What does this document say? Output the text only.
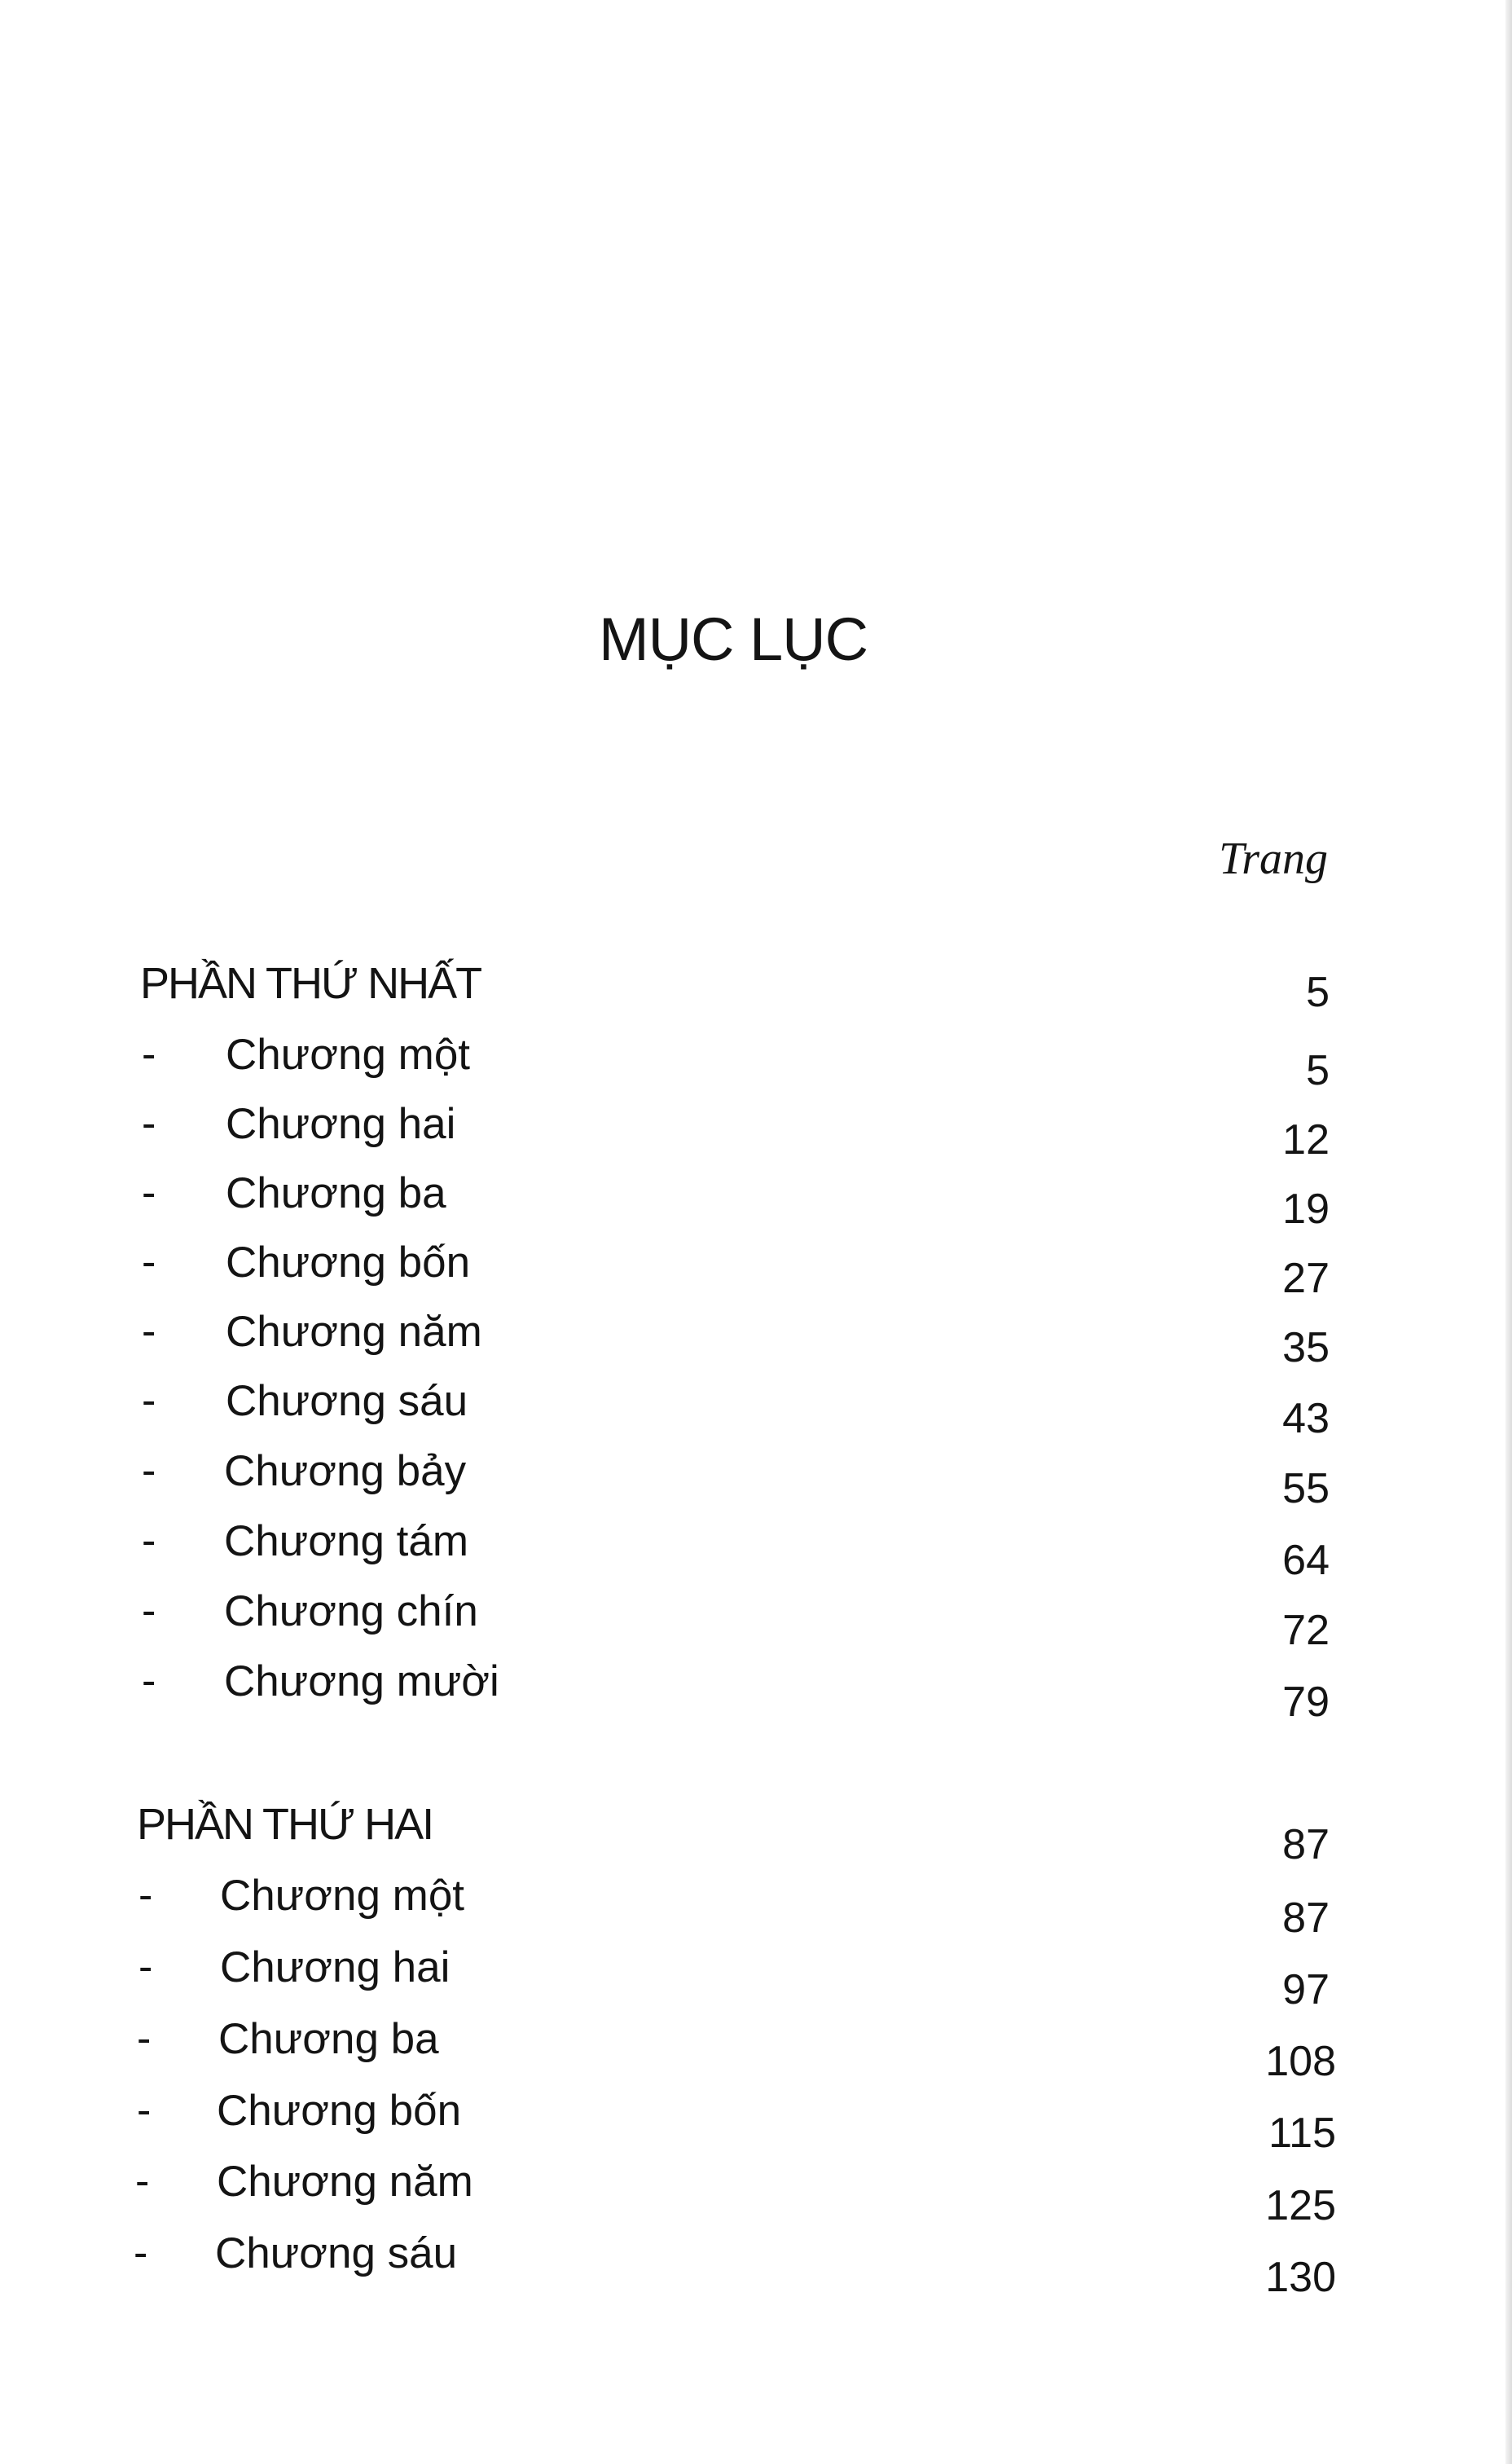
MỤC LỤC
Trang
PHẦN THỨ NHẤT	5
- Chương một	5
- Chương hai	12
- Chương ba	19
- Chương bốn	27
- Chương năm	35
- Chương sáu	43
- Chương bảy	55
- Chương tám	64
- Chương chín	72
- Chương mười	79
PHẦN THỨ HAI	87
- Chương một	87
- Chương hai	97
- Chương ba	108
- Chương bốn	115
- Chương năm	125
- Chương sáu	130
